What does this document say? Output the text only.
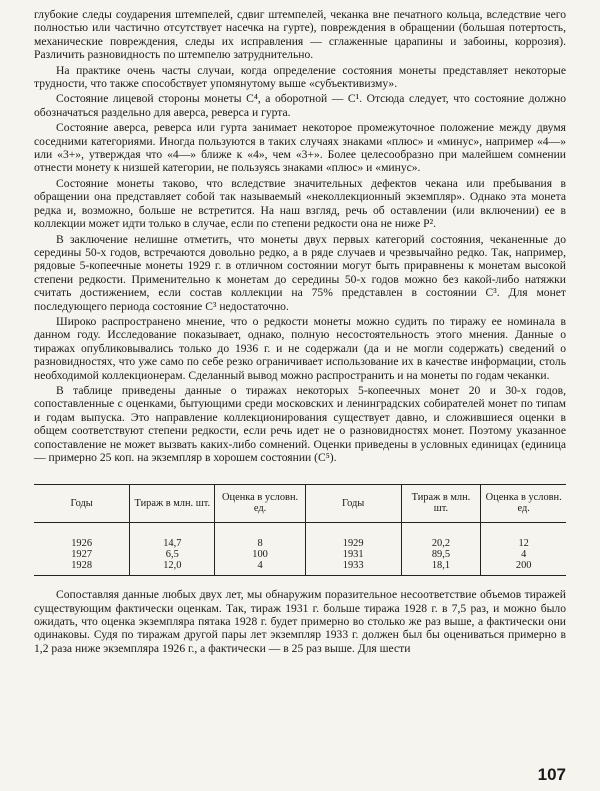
глубокие следы соударения штемпелей, сдвиг штемпелей, чеканка вне печатного кольца, вследствие чего полностью или частично отсутствует насечка на гурте), повреждения в обращении (большая потертость, механические повреждения, следы их исправления — сглаженные царапины и забоины, коррозия). Различить разновидность по штемпелю затруднительно.

На практике очень часты случаи, когда определение состояния монеты представляет некоторые трудности, что также способствует упомянутому выше «субъективизму».

Состояние лицевой стороны монеты С⁴, а оборотной — С¹. Отсюда следует, что состояние должно обозначаться раздельно для аверса, реверса и гурта.

Состояние аверса, реверса или гурта занимает некоторое промежуточное положение между двумя соседними категориями. Иногда пользуются в таких случаях знаками «плюс» и «минус», например «4—» или «3+», утверждая что «4—» ближе к «4», чем «3+». Более целесообразно при малейшем сомнении отнести монету к низшей категории, не пользуясь знаками «плюс» и «минус».

Состояние монеты таково, что вследствие значительных дефектов чекана или пребывания в обращении она представляет собой так называемый «неколлекционный экземпляр». Однако эта монета редка и, возможно, больше не встретится. На наш взгляд, речь об оставлении (или включении) ее в коллекции может идти только в случае, если по степени редкости она не ниже Р².

В заключение нелишне отметить, что монеты двух первых категорий состояния, чеканенные до середины 50-х годов, встречаются довольно редко, а в ряде случаев и чрезвычайно редко. Так, например, рядовые 5-копеечные монеты 1929 г. в отличном состоянии могут быть приравнены к монетам высокой степени редкости. Применительно к монетам до середины 50-х годов можно без какой-либо натяжки считать достижением, если состав коллекции на 75% представлен в состоянии С³. Для монет последующего периода состояние С³ недостаточно.

Широко распространено мнение, что о редкости монеты можно судить по тиражу ее номинала в данном году. Исследование показывает, однако, полную несостоятельность этого мнения. Данные о тиражах опубликовывались только до 1936 г. и не содержали (да и не могли содержать) сведений о разновидностях, что уже само по себе резко ограничивает использование их в качестве информации, столь необходимой коллекционерам. Сделанный вывод можно распространить и на монеты по годам чеканки.

В таблице приведены данные о тиражах некоторых 5-копеечных монет 20 и 30-х годов, сопоставленные с оценками, бытующими среди московских и ленинградских собирателей монет по типам и годам выпуска. Это направление коллекционирования существует давно, и сложившиеся оценки в общем соответствуют степени редкости, если речь идет не о разновидностях монет. Поэтому указанное сопоставление не может вызвать каких-либо сомнений. Оценки приведены в условных единицах (единица — примерно 25 коп. на экземпляр в хорошем состоянии (С⁵).

Годы	Тираж в млн. шт.	Оценка в условн. ед.	Годы	Тираж в млн. шт.	Оценка в условн. ед.
1926	14,7	8	1929	20,2	12
1927	6,5	100	1931	89,5	4
1928	12,0	4	1933	18,1	200

Сопоставляя данные любых двух лет, мы обнаружим поразительное несоответствие объемов тиражей существующим фактически оценкам. Так, тираж 1931 г. больше тиража 1928 г. в 7,5 раз, и можно было ожидать, что оценка экземпляра пятака 1928 г. будет примерно во столько же раз выше, а фактически они одинаковы. Судя по тиражам другой пары лет экземпляр 1933 г. должен был бы оцениваться примерно в 1,2 раза ниже экземпляра 1926 г., а фактически — в 25 раз выше. Для шести

107
